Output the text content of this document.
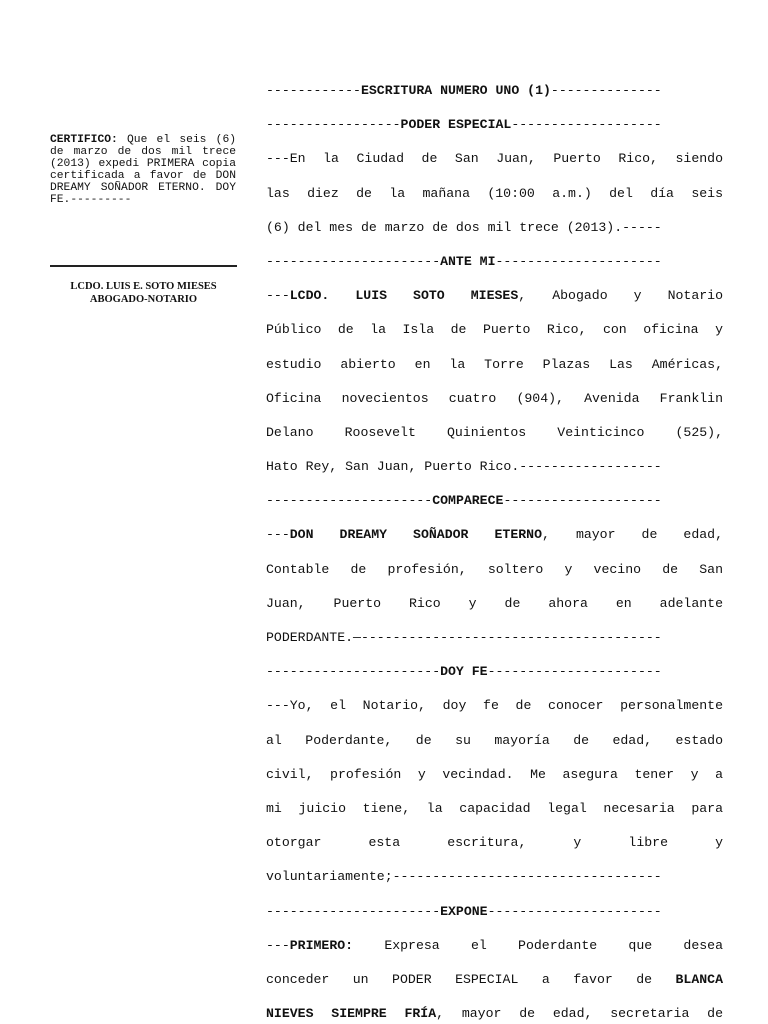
CERTIFICO: Que el seis (6) de marzo de dos mil trece (2013) expedi PRIMERA copia certificada a favor de DON DREAMY SOÑADOR ETERNO. DOY FE.---------

LCDO. LUIS E. SOTO MIESES
ABOGADO-NOTARIO
------------ESCRITURA NUMERO UNO (1)--------------
-----------------PODER ESPECIAL-------------------
---En la Ciudad de San Juan, Puerto Rico, siendo
las diez de la mañana (10:00 a.m.) del día seis
(6) del mes de marzo de dos mil trece (2013).-----
----------------------ANTE MI---------------------
---LCDO. LUIS SOTO MIESES, Abogado y Notario
Público de la Isla de Puerto Rico, con oficina y
estudio abierto en la Torre Plazas Las Américas,
Oficina novecientos cuatro (904), Avenida Franklin
Delano Roosevelt Quinientos Veinticinco (525),
Hato Rey, San Juan, Puerto Rico.------------------
---------------------COMPARECE--------------------
---DON DREAMY SOÑADOR ETERNO, mayor de edad,
Contable de profesión, soltero y vecino de San
Juan, Puerto Rico y de ahora en adelante
PODERDANTE.—--------------------------------------
----------------------DOY FE----------------------
---Yo, el Notario, doy fe de conocer personalmente
al Poderdante, de su mayoría de edad, estado
civil, profesión y vecindad. Me asegura tener y a
mi juicio tiene, la capacidad legal necesaria para
otorgar esta escritura, y libre y
voluntariamente;----------------------------------
----------------------EXPONE----------------------
---PRIMERO: Expresa el Poderdante que desea
conceder un PODER ESPECIAL a favor de BLANCA
NIEVES SIEMPRE FRÍA, mayor de edad, secretaria de
